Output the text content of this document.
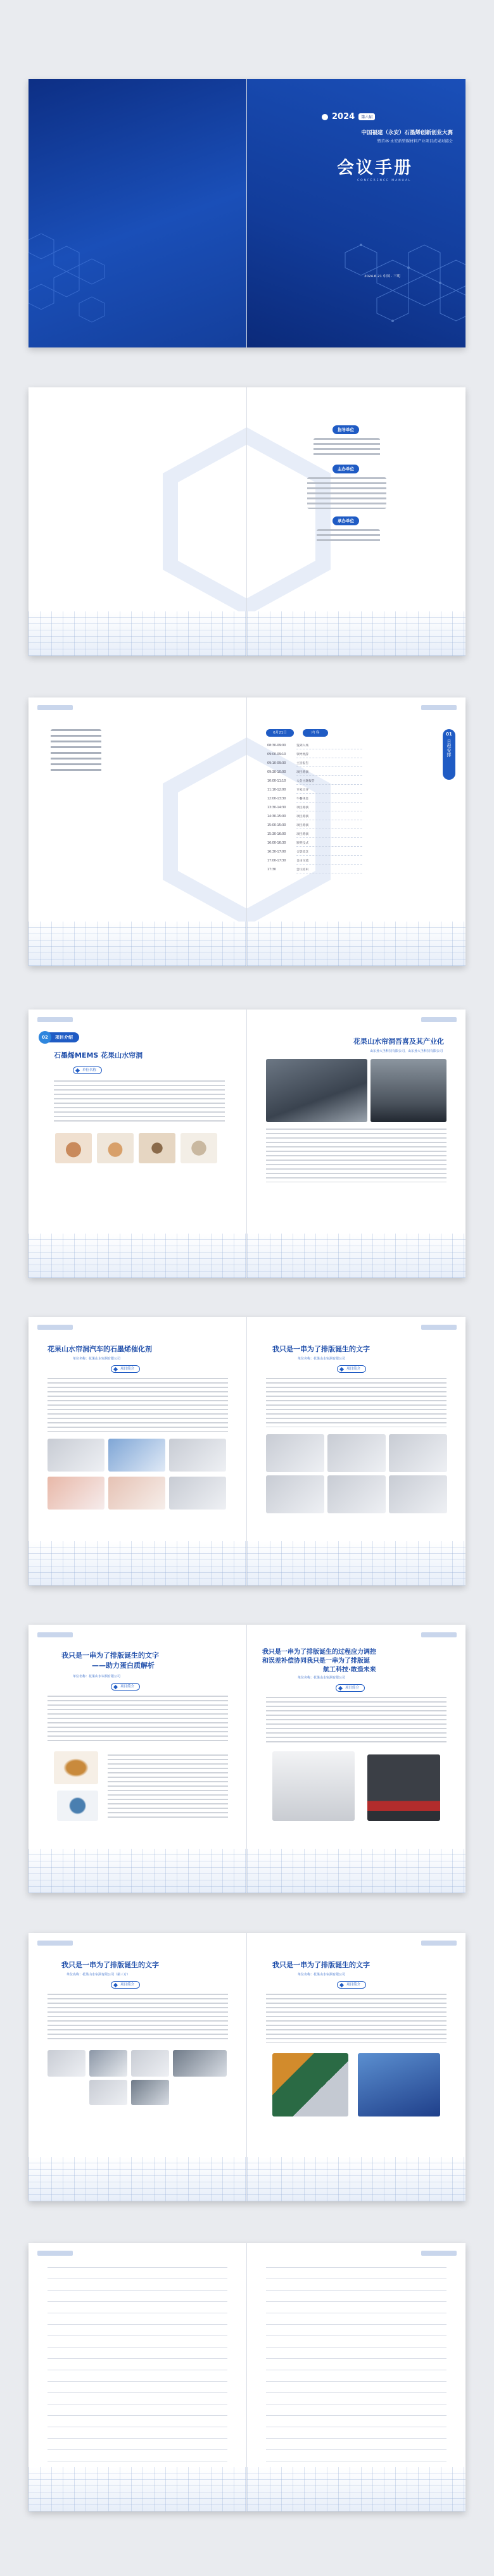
2024	第六届
中国福建（永安）石墨烯创新创业大赛
暨首林·永安新型碳材料产业项目成果对接会
会议手册
CONFERENCE MANUAL
2024.6.21 中国 · 三明
指导单位
主办单位
承办单位
01
日程安排
6月21日	内 容
08:30-09:00	签到入场
09:00-09:10	领导致辞
09:10-09:30	主旨报告
09:30-10:00	项目路演
10:00-11:10	大会主题报告
11:10-12:00	专家点评
12:00-13:30	午餐休息
13:30-14:30	项目路演
14:30-15:00	项目路演
15:00-15:30	项目路演
15:30-16:00	项目路演
16:00-16:30	颁奖仪式
16:30-17:00	合影留念
17:00-17:30	自由交流
17:30	会议结束
02	项目介绍
石墨烯MEMS 花果山水帘洞
单位名称
花果山水帘洞吾喜及其产业化
山东孙大圣科技有限公司，山东孙大圣科技有限公司
花果山水帘洞汽车的石墨烯催化剂
单位名称：花果山水帘洞有限公司
项目简介
我只是一串为了排版诞生的文字
单位名称：花果山水帘洞有限公司
项目简介
我只是一串为了排版诞生的文字
——助力蛋白质解析
单位名称：花果山水帘洞有限公司
项目简介
我只是一串为了排版诞生的过程应力调控
和误差补偿协同我只是一串为了排版诞
航工科技·敢造未来
单位名称：花果山水帘洞有限公司
项目简介
我只是一串为了排版诞生的文字
单位名称：花果山水帘洞有限公司（第三方）
项目简介
我只是一串为了排版诞生的文字
单位名称：花果山水帘洞有限公司
项目简介
